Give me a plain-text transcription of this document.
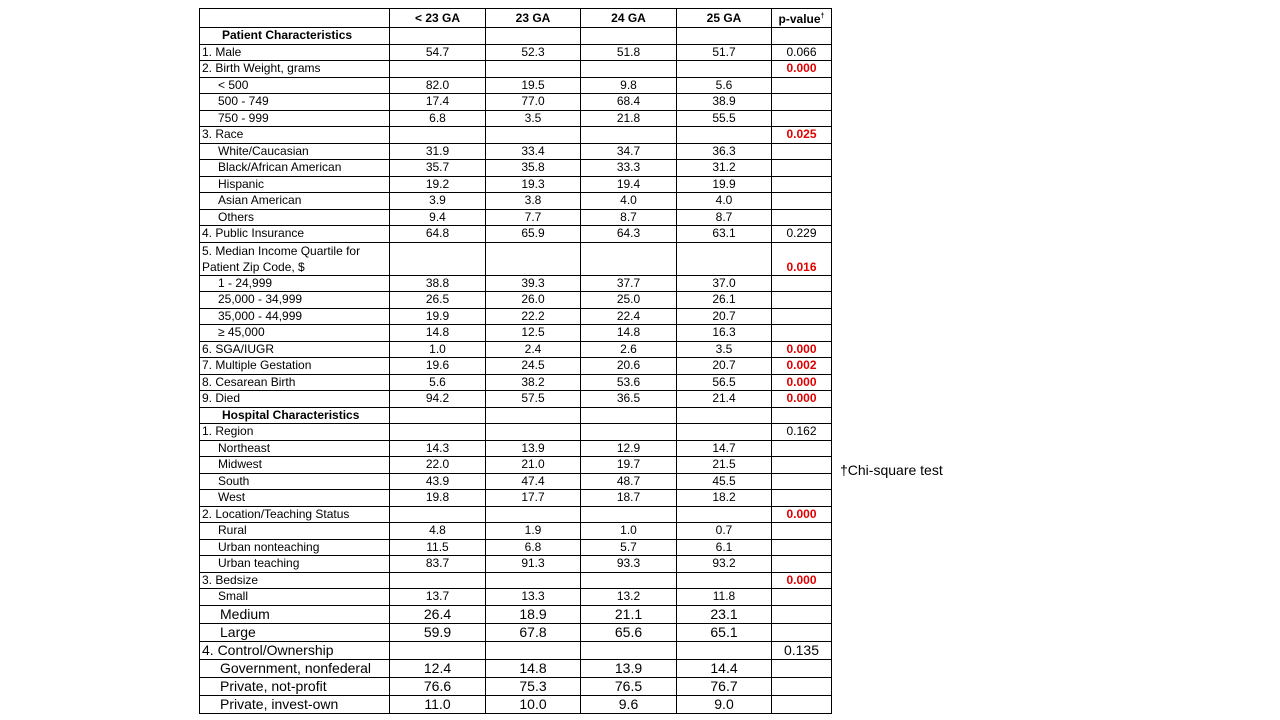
	< 23 GA	23 GA	24 GA	25 GA	p-value†
Patient Characteristics					
1. Male	54.7	52.3	51.8	51.7	0.066
2. Birth Weight, grams					0.000
< 500	82.0	19.5	9.8	5.6	
500 - 749	17.4	77.0	68.4	38.9	
750 - 999	6.8	3.5	21.8	55.5	
3. Race					0.025
White/Caucasian	31.9	33.4	34.7	36.3	
Black/African American	35.7	35.8	33.3	31.2	
Hispanic	19.2	19.3	19.4	19.9	
Asian American	3.9	3.8	4.0	4.0	
Others	9.4	7.7	8.7	8.7	
4. Public Insurance	64.8	65.9	64.3	63.1	0.229
5. Median Income Quartile for Patient Zip Code, $					0.016
1 - 24,999	38.8	39.3	37.7	37.0	
25,000 - 34,999	26.5	26.0	25.0	26.1	
35,000 - 44,999	19.9	22.2	22.4	20.7	
≥ 45,000	14.8	12.5	14.8	16.3	
6. SGA/IUGR	1.0	2.4	2.6	3.5	0.000
7. Multiple Gestation	19.6	24.5	20.6	20.7	0.002
8. Cesarean Birth	5.6	38.2	53.6	56.5	0.000
9. Died	94.2	57.5	36.5	21.4	0.000
Hospital Characteristics					
1. Region					0.162
Northeast	14.3	13.9	12.9	14.7	
Midwest	22.0	21.0	19.7	21.5	
South	43.9	47.4	48.7	45.5	
West	19.8	17.7	18.7	18.2	
2. Location/Teaching Status					0.000
Rural	4.8	1.9	1.0	0.7	
Urban nonteaching	11.5	6.8	5.7	6.1	
Urban teaching	83.7	91.3	93.3	93.2	
3. Bedsize					0.000
Small	13.7	13.3	13.2	11.8	
Medium	26.4	18.9	21.1	23.1	
Large	59.9	67.8	65.6	65.1	
4. Control/Ownership					0.135
Government, nonfederal	12.4	14.8	13.9	14.4	
Private, not-profit	76.6	75.3	76.5	76.7	
Private, invest-own	11.0	10.0	9.6	9.0	
†Chi-square test
